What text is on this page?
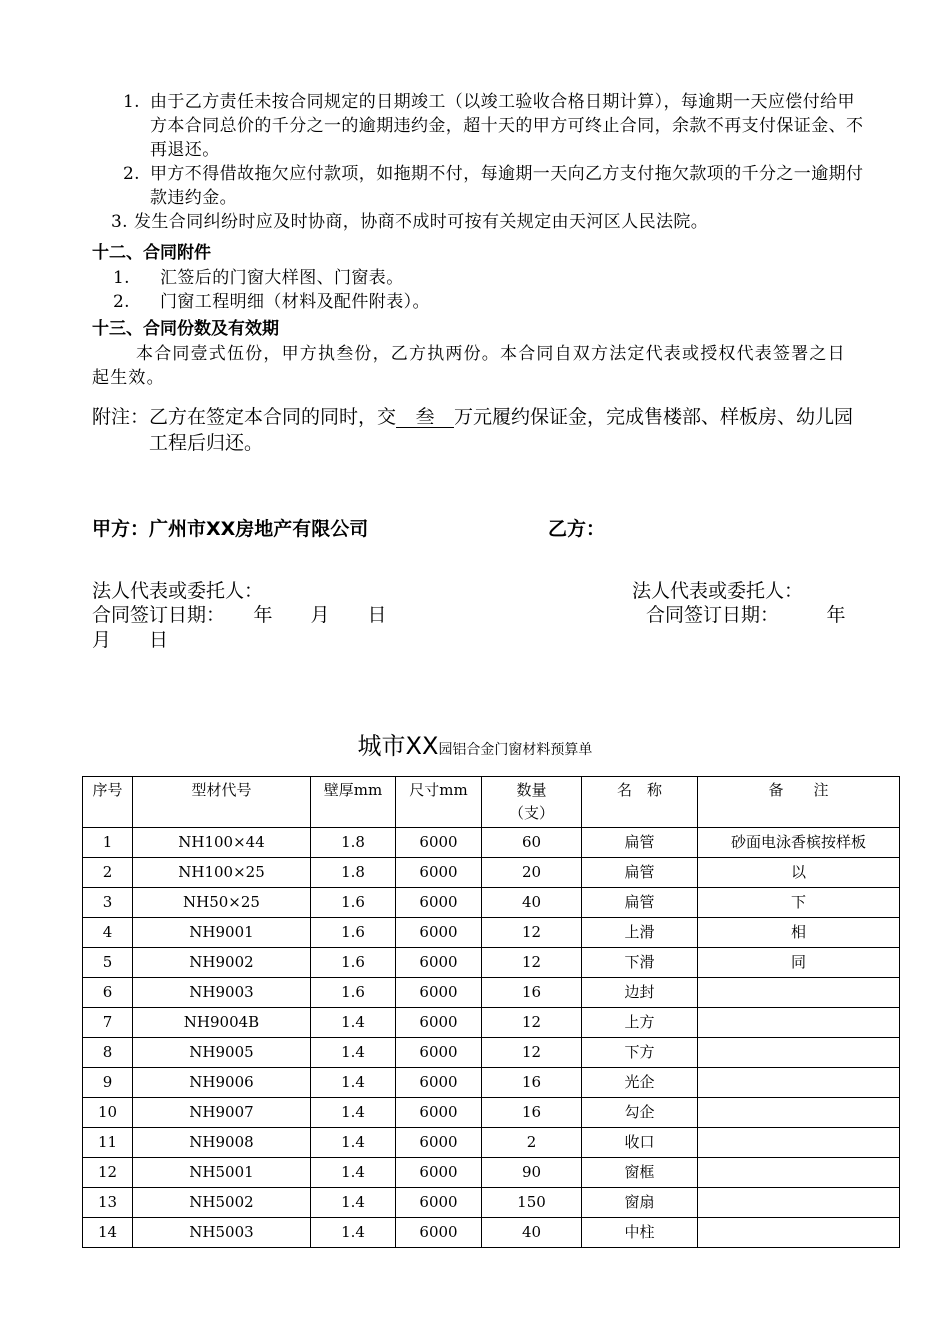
1. 由于乙方责任未按合同规定的日期竣工（以竣工验收合格日期计算），每逾期一天应偿付给甲方本合同总价的千分之一的逾期违约金，超十天的甲方可终止合同，余款不再支付保证金、不再退还。
2. 甲方不得借故拖欠应付款项，如拖期不付，每逾期一天向乙方支付拖欠款项的千分之一逾期付款违约金。
3. 发生合同纠纷时应及时协商，协商不成时可按有关规定由天河区人民法院。
十二、合同附件
1.	汇签后的门窗大样图、门窗表。
2.	门窗工程明细（材料及配件附表）。
十三、合同份数及有效期
本合同壹式伍份，甲方执叁份，乙方执两份。本合同自双方法定代表或授权代表签署之日起生效。
附注： 乙方在签定本合同的同时，交 叁 万元履约保证金，完成售楼部、样板房、幼儿园工程后归还。
甲方：广州市XX房地产有限公司	乙方：
法人代表或委托人：	法人代表或委托人：
合同签订日期：　　年　　月　　日	合同签订日期：　　　年
月　　日
城市XX园铝合金门窗材料预算单
序号	型材代号	壁厚mm	尺寸mm	数量（支）	名　称	备　　注
1	NH100×44	1.8	6000	60	扁管	砂面电泳香槟按样板
2	NH100×25	1.8	6000	20	扁管	以
3	NH50×25	1.6	6000	40	扁管	下
4	NH9001	1.6	6000	12	上滑	相
5	NH9002	1.6	6000	12	下滑	同
6	NH9003	1.6	6000	16	边封	
7	NH9004B	1.4	6000	12	上方	
8	NH9005	1.4	6000	12	下方	
9	NH9006	1.4	6000	16	光企	
10	NH9007	1.4	6000	16	勾企	
11	NH9008	1.4	6000	2	收口	
12	NH5001	1.4	6000	90	窗框	
13	NH5002	1.4	6000	150	窗扇	
14	NH5003	1.4	6000	40	中柱	
